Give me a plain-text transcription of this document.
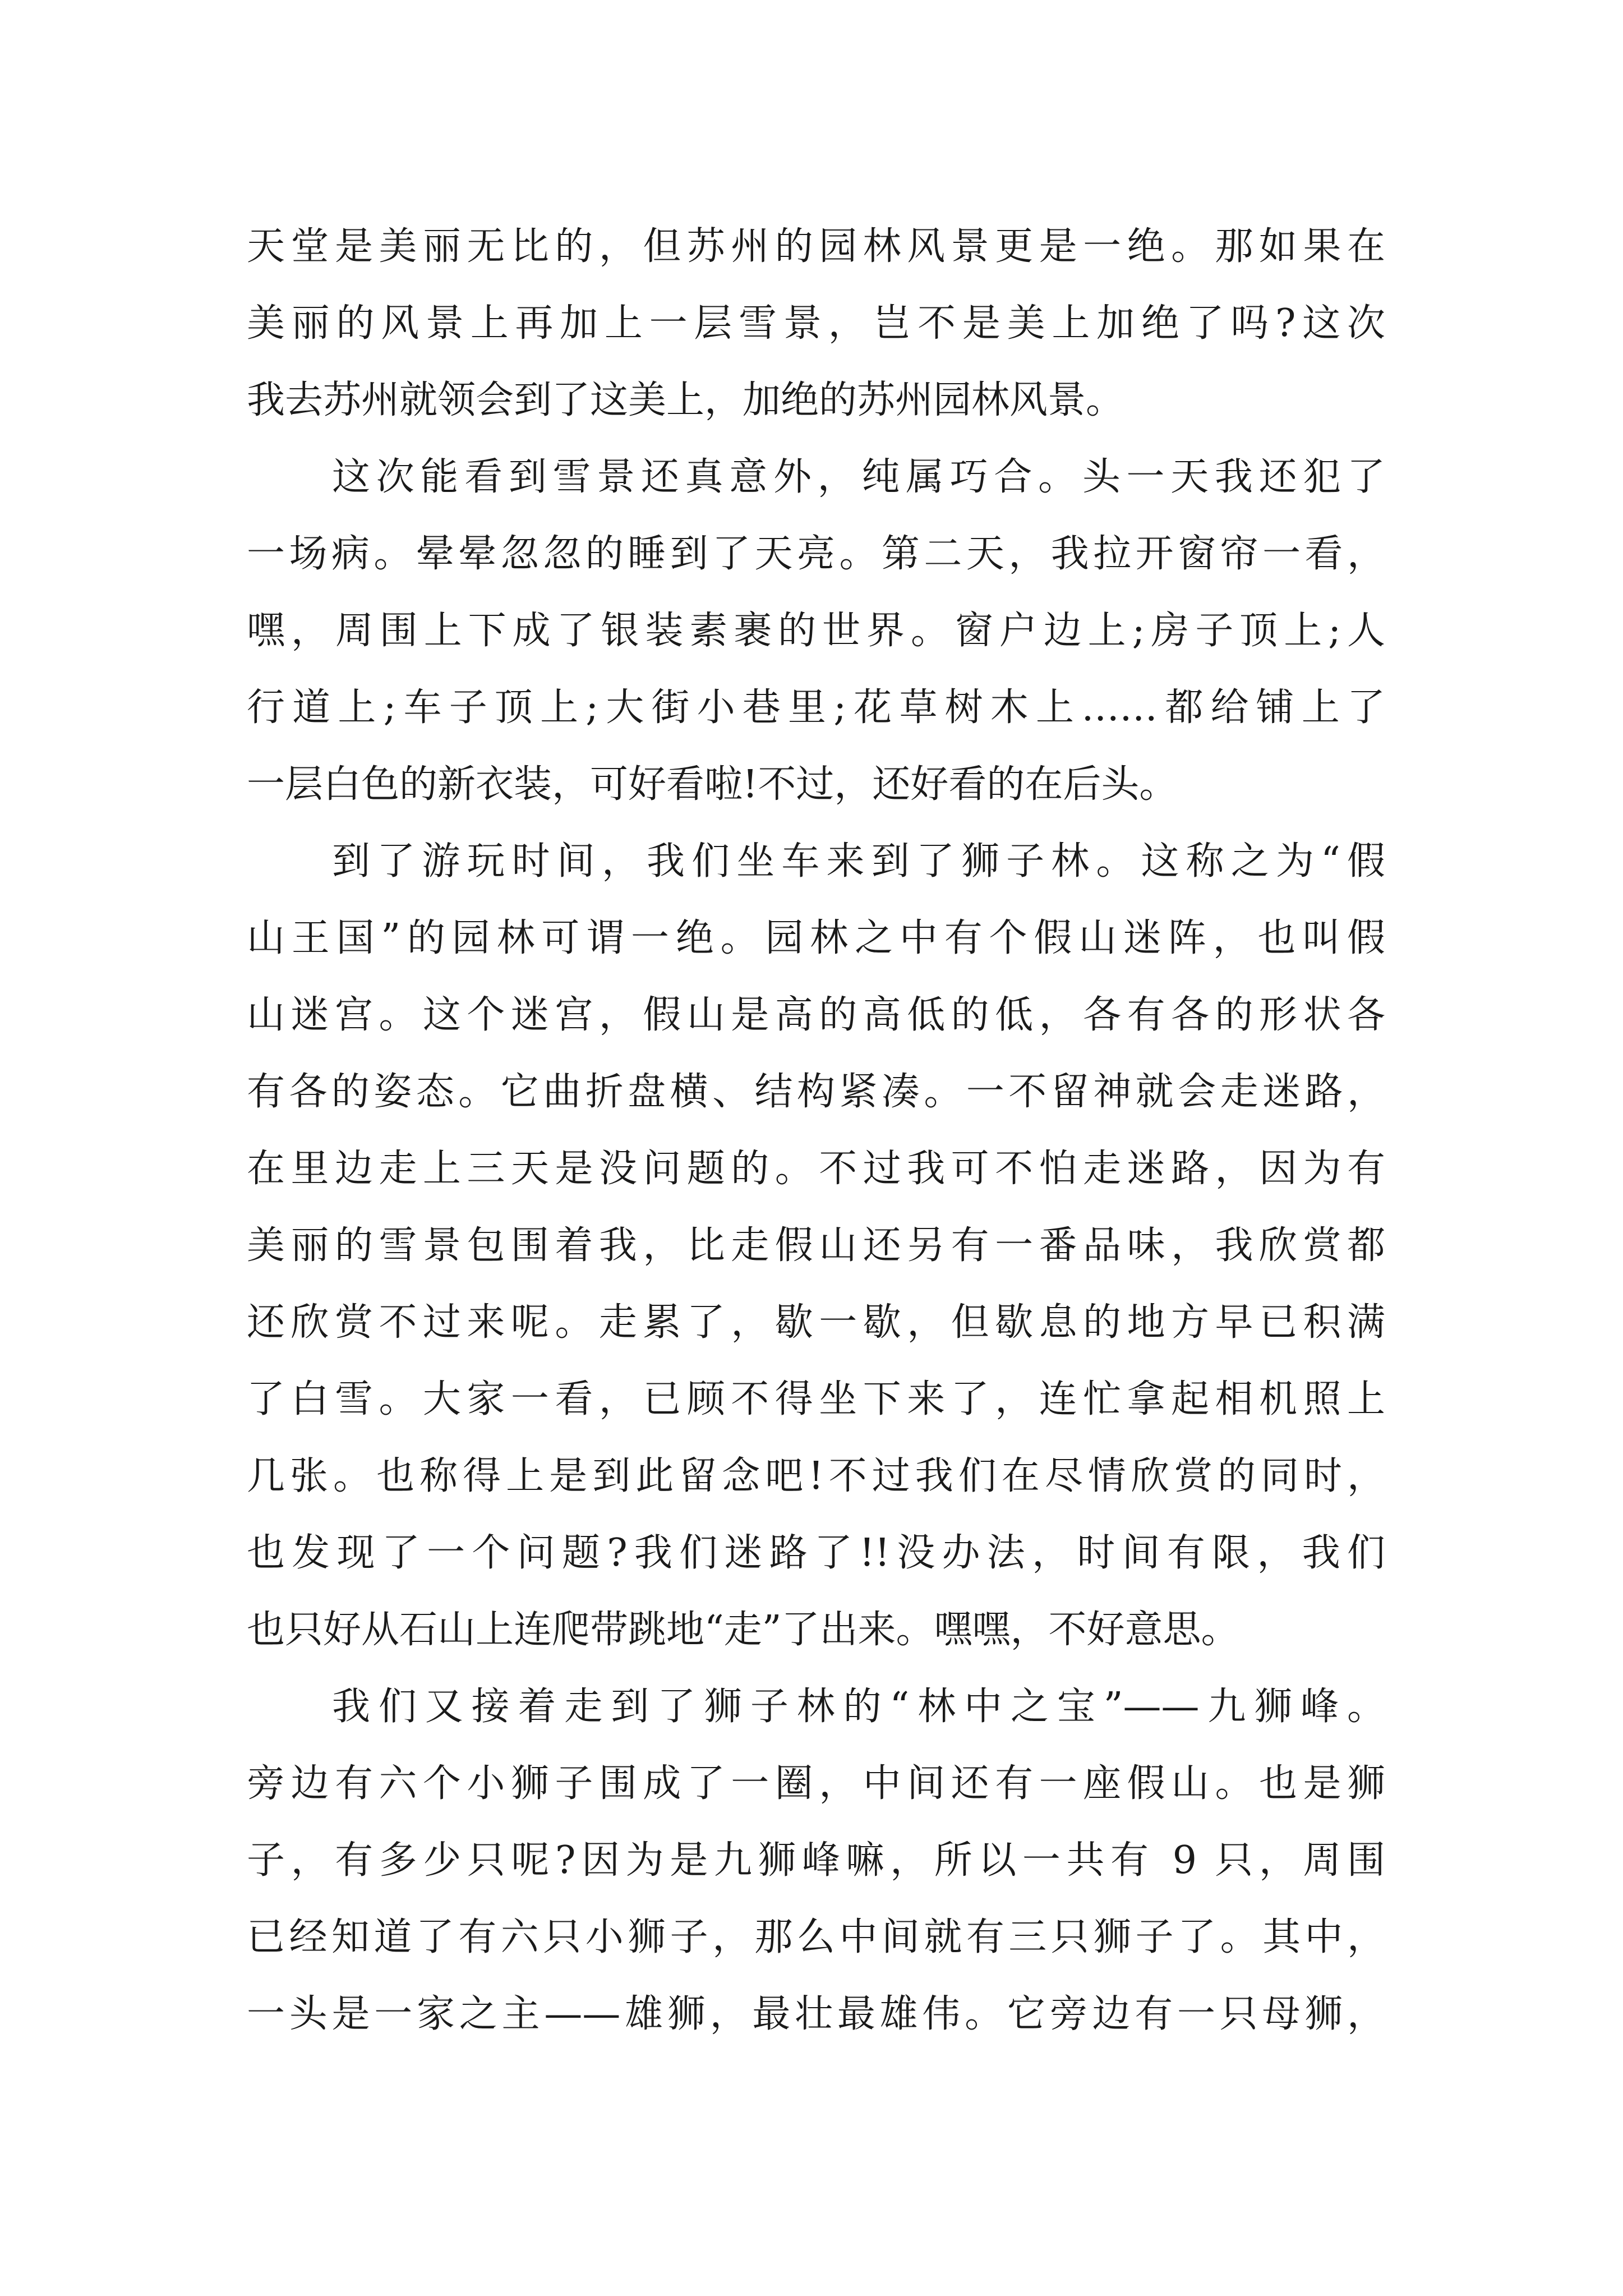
天堂是美丽无比的，但苏州的园林风景更是一绝。那如果在
美丽的风景上再加上一层雪景，岂不是美上加绝了吗?这次
我去苏州就领会到了这美上，加绝的苏州园林风景。
这次能看到雪景还真意外，纯属巧合。头一天我还犯了
一场病。晕晕忽忽的睡到了天亮。第二天，我拉开窗帘一看，
嘿，周围上下成了银装素裹的世界。窗户边上;房子顶上;人
行道上;车子顶上;大街小巷里;花草树木上……都给铺上了
一层白色的新衣装，可好看啦!不过，还好看的在后头。
到了游玩时间，我们坐车来到了狮子林。这称之为“假
山王国”的园林可谓一绝。园林之中有个假山迷阵，也叫假
山迷宫。这个迷宫，假山是高的高低的低，各有各的形状各
有各的姿态。它曲折盘横、结构紧凑。一不留神就会走迷路，
在里边走上三天是没问题的。不过我可不怕走迷路，因为有
美丽的雪景包围着我，比走假山还另有一番品味，我欣赏都
还欣赏不过来呢。走累了，歇一歇，但歇息的地方早已积满
了白雪。大家一看，已顾不得坐下来了，连忙拿起相机照上
几张。也称得上是到此留念吧!不过我们在尽情欣赏的同时，
也发现了一个问题?我们迷路了!!没办法，时间有限，我们
也只好从石山上连爬带跳地“走”了出来。嘿嘿，不好意思。
我们又接着走到了狮子林的“林中之宝”——九狮峰。
旁边有六个小狮子围成了一圈，中间还有一座假山。也是狮
子，有多少只呢?因为是九狮峰嘛，所以一共有 9 只，周围
已经知道了有六只小狮子，那么中间就有三只狮子了。其中，
一头是一家之主——雄狮，最壮最雄伟。它旁边有一只母狮，
